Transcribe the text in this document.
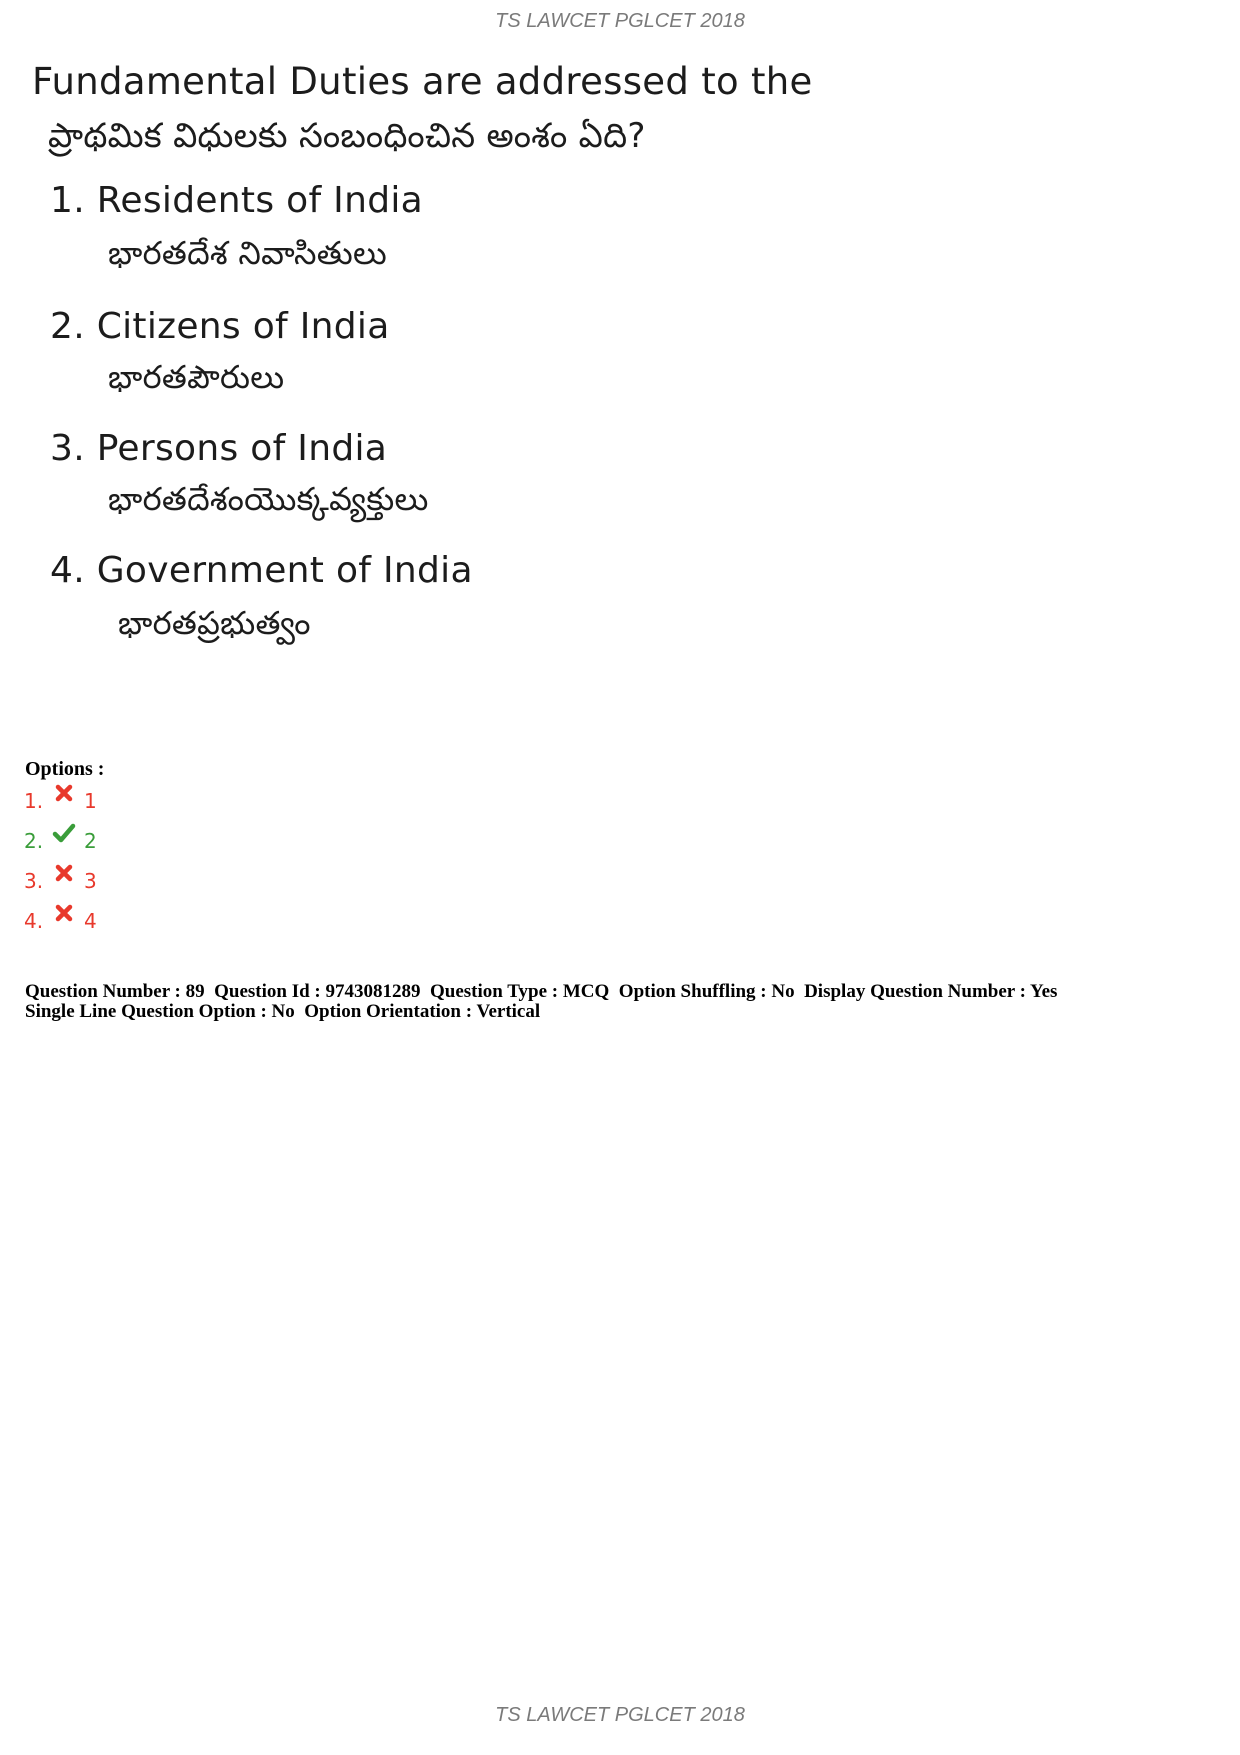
TS LAWCET PGLCET 2018
Fundamental Duties are addressed to the
ప్రాథమిక విధులకు సంబంధించిన అంశం ఏది?
1. Residents of India
భారతదేశ నివాసితులు
2. Citizens of India
భారతపౌరులు
3. Persons of India
భారతదేశంయొక్కవ్యక్తులు
4. Government of India
భారతప్రభుత్వం
Options :
1.	1
2.	2
3.	3
4.	4
Question Number : 89  Question Id : 9743081289  Question Type : MCQ  Option Shuffling : No  Display Question Number : Yes
Single Line Question Option : No  Option Orientation : Vertical
TS LAWCET PGLCET 2018
